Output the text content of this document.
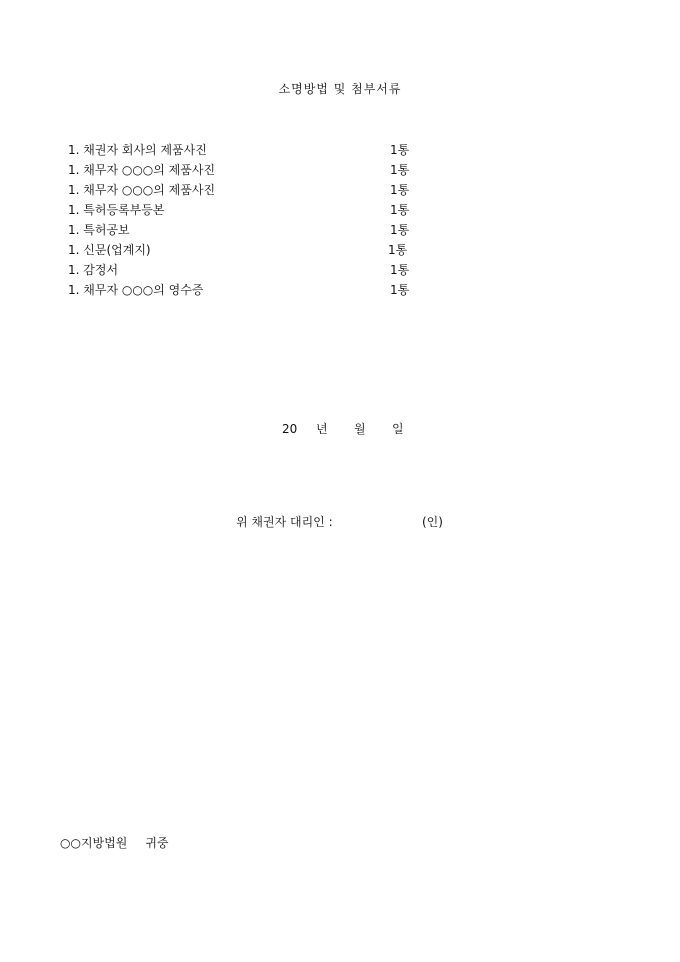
소명방법 및 첨부서류
1. 채권자 회사의 제품사진	1통
1. 채무자 ○○○의 제품사진	1통
1. 채무자 ○○○의 제품사진	1통
1. 특허등록부등본	1통
1. 특허공보	1통
1. 신문(업계지)	1통
1. 감정서	1통
1. 채무자 ○○○의 영수증	1통
20 년 월 일
위 채권자 대리인 :	(인)
○○지방법원 귀중
